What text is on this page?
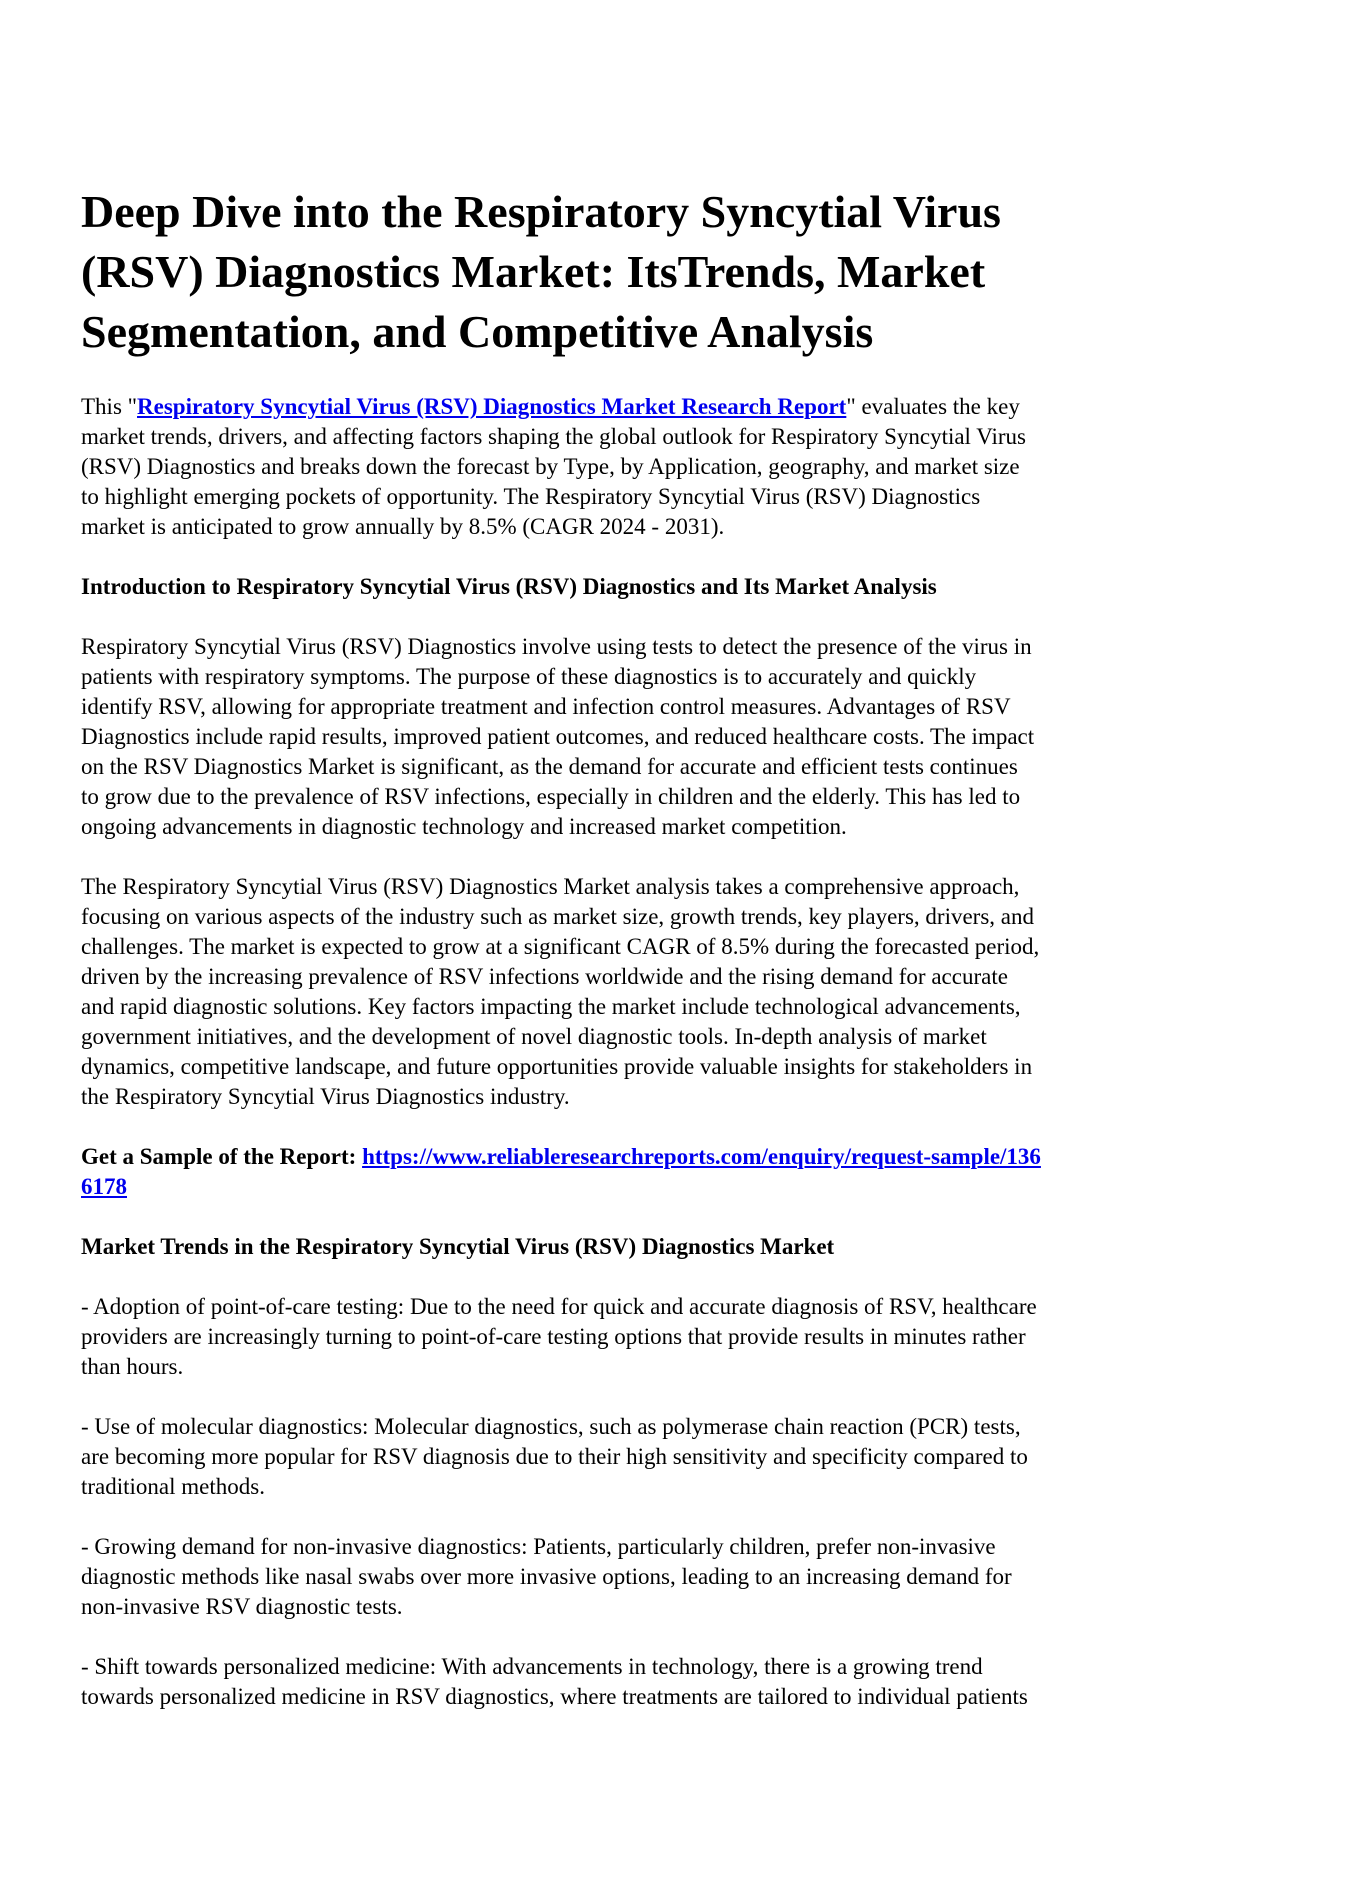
Deep Dive into the Respiratory Syncytial Virus (RSV) Diagnostics Market: ItsTrends, Market Segmentation, and Competitive Analysis

This "Respiratory Syncytial Virus (RSV) Diagnostics Market Research Report" evaluates the key market trends, drivers, and affecting factors shaping the global outlook for Respiratory Syncytial Virus (RSV) Diagnostics and breaks down the forecast by Type, by Application, geography, and market size to highlight emerging pockets of opportunity. The Respiratory Syncytial Virus (RSV) Diagnostics market is anticipated to grow annually by 8.5% (CAGR 2024 - 2031).

Introduction to Respiratory Syncytial Virus (RSV) Diagnostics and Its Market Analysis

Respiratory Syncytial Virus (RSV) Diagnostics involve using tests to detect the presence of the virus in patients with respiratory symptoms. The purpose of these diagnostics is to accurately and quickly identify RSV, allowing for appropriate treatment and infection control measures. Advantages of RSV Diagnostics include rapid results, improved patient outcomes, and reduced healthcare costs. The impact on the RSV Diagnostics Market is significant, as the demand for accurate and efficient tests continues to grow due to the prevalence of RSV infections, especially in children and the elderly. This has led to ongoing advancements in diagnostic technology and increased market competition.

The Respiratory Syncytial Virus (RSV) Diagnostics Market analysis takes a comprehensive approach, focusing on various aspects of the industry such as market size, growth trends, key players, drivers, and challenges. The market is expected to grow at a significant CAGR of 8.5% during the forecasted period, driven by the increasing prevalence of RSV infections worldwide and the rising demand for accurate and rapid diagnostic solutions. Key factors impacting the market include technological advancements, government initiatives, and the development of novel diagnostic tools. In-depth analysis of market dynamics, competitive landscape, and future opportunities provide valuable insights for stakeholders in the Respiratory Syncytial Virus Diagnostics industry.

Get a Sample of the Report: https://www.reliableresearchreports.com/enquiry/request-sample/1366178

Market Trends in the Respiratory Syncytial Virus (RSV) Diagnostics Market

- Adoption of point-of-care testing: Due to the need for quick and accurate diagnosis of RSV, healthcare providers are increasingly turning to point-of-care testing options that provide results in minutes rather than hours.

- Use of molecular diagnostics: Molecular diagnostics, such as polymerase chain reaction (PCR) tests, are becoming more popular for RSV diagnosis due to their high sensitivity and specificity compared to traditional methods.

- Growing demand for non-invasive diagnostics: Patients, particularly children, prefer non-invasive diagnostic methods like nasal swabs over more invasive options, leading to an increasing demand for non-invasive RSV diagnostic tests.

- Shift towards personalized medicine: With advancements in technology, there is a growing trend towards personalized medicine in RSV diagnostics, where treatments are tailored to individual patients
